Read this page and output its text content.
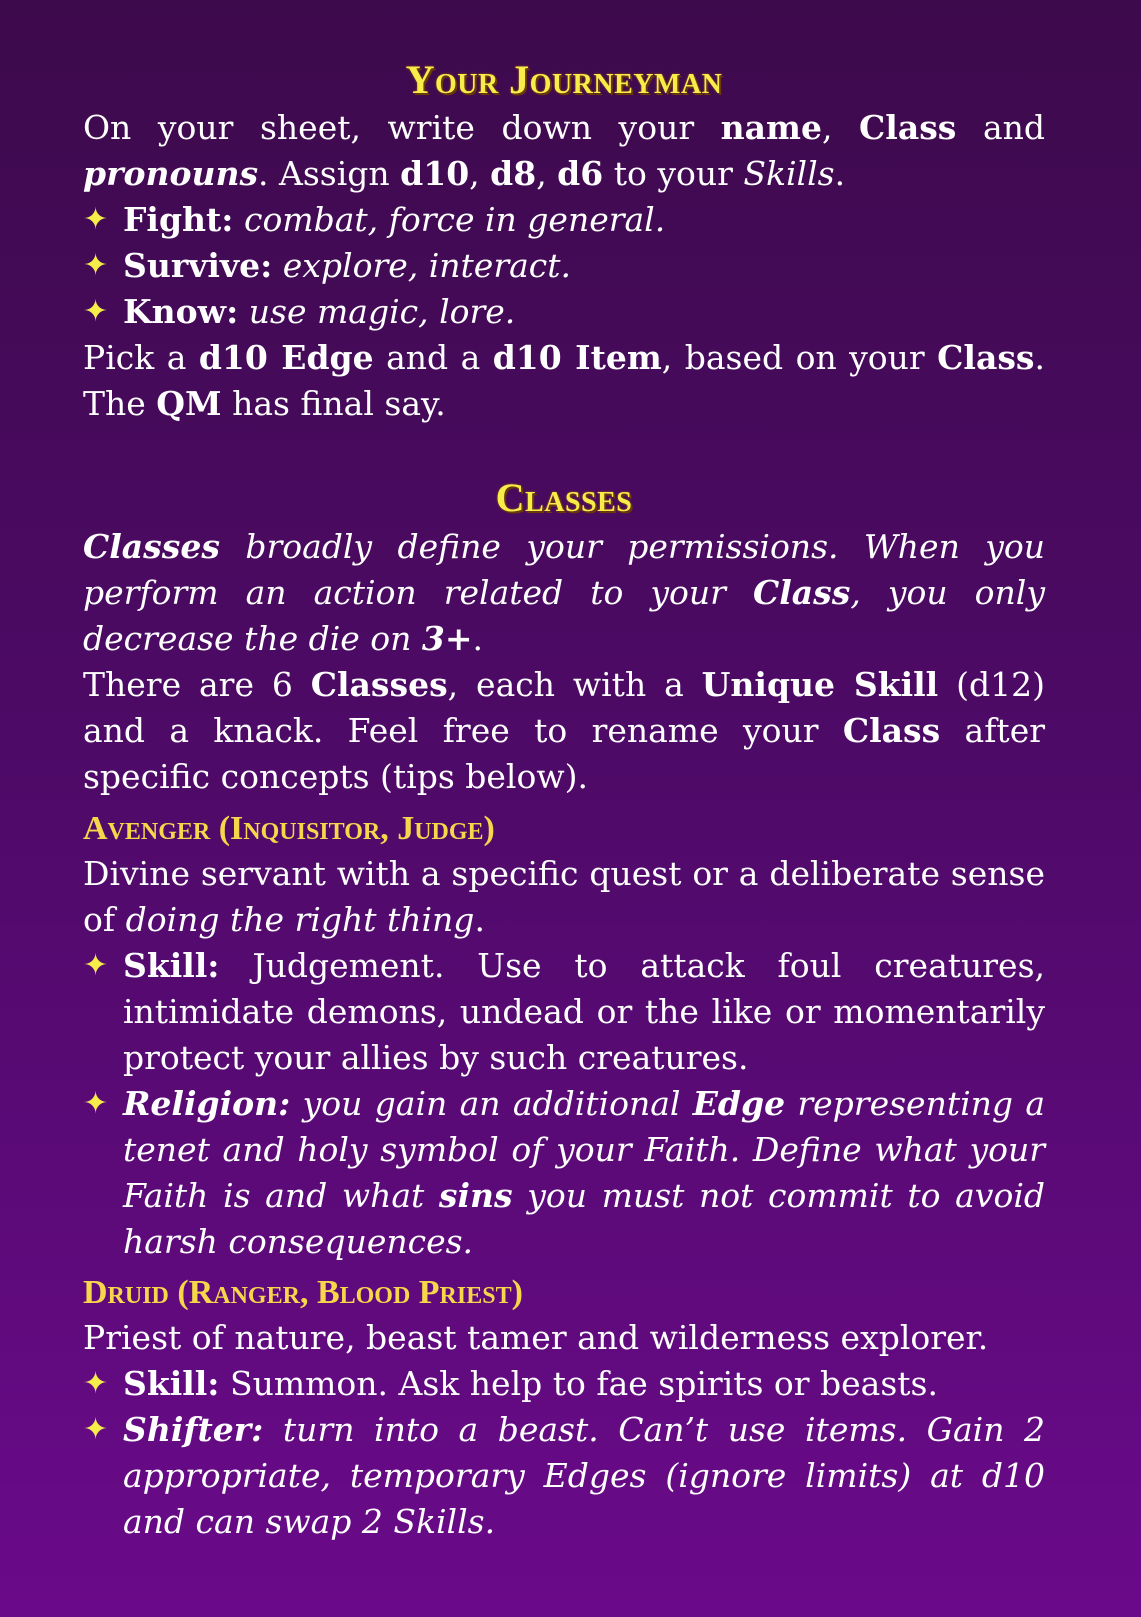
Your Journeyman

On your sheet, write down your name, Class and pronouns. Assign d10, d8, d6 to your Skills.

✦ Fight: combat, force in general.
✦ Survive: explore, interact.
✦ Know: use magic, lore.

Pick a d10 Edge and a d10 Item, based on your Class. The QM has final say.

Classes

Classes broadly define your permissions. When you perform an action related to your Class, you only decrease the die on 3+.

There are 6 Classes, each with a Unique Skill (d12) and a knack. Feel free to rename your Class after specific concepts (tips below).

Avenger (Inquisitor, Judge)

Divine servant with a specific quest or a deliberate sense of doing the right thing.

✦ Skill: Judgement. Use to attack foul creatures, intimidate demons, undead or the like or momentarily protect your allies by such creatures.
✦ Religion: you gain an additional Edge representing a tenet and holy symbol of your Faith. Define what your Faith is and what sins you must not commit to avoid harsh consequences.
Druid (Ranger, Blood Priest)

Priest of nature, beast tamer and wilderness explorer.

✦ Skill: Summon. Ask help to fae spirits or beasts.
✦ Shifter: turn into a beast. Can’t use items. Gain 2 appropriate, temporary Edges (ignore limits) at d10 and can swap 2 Skills.
